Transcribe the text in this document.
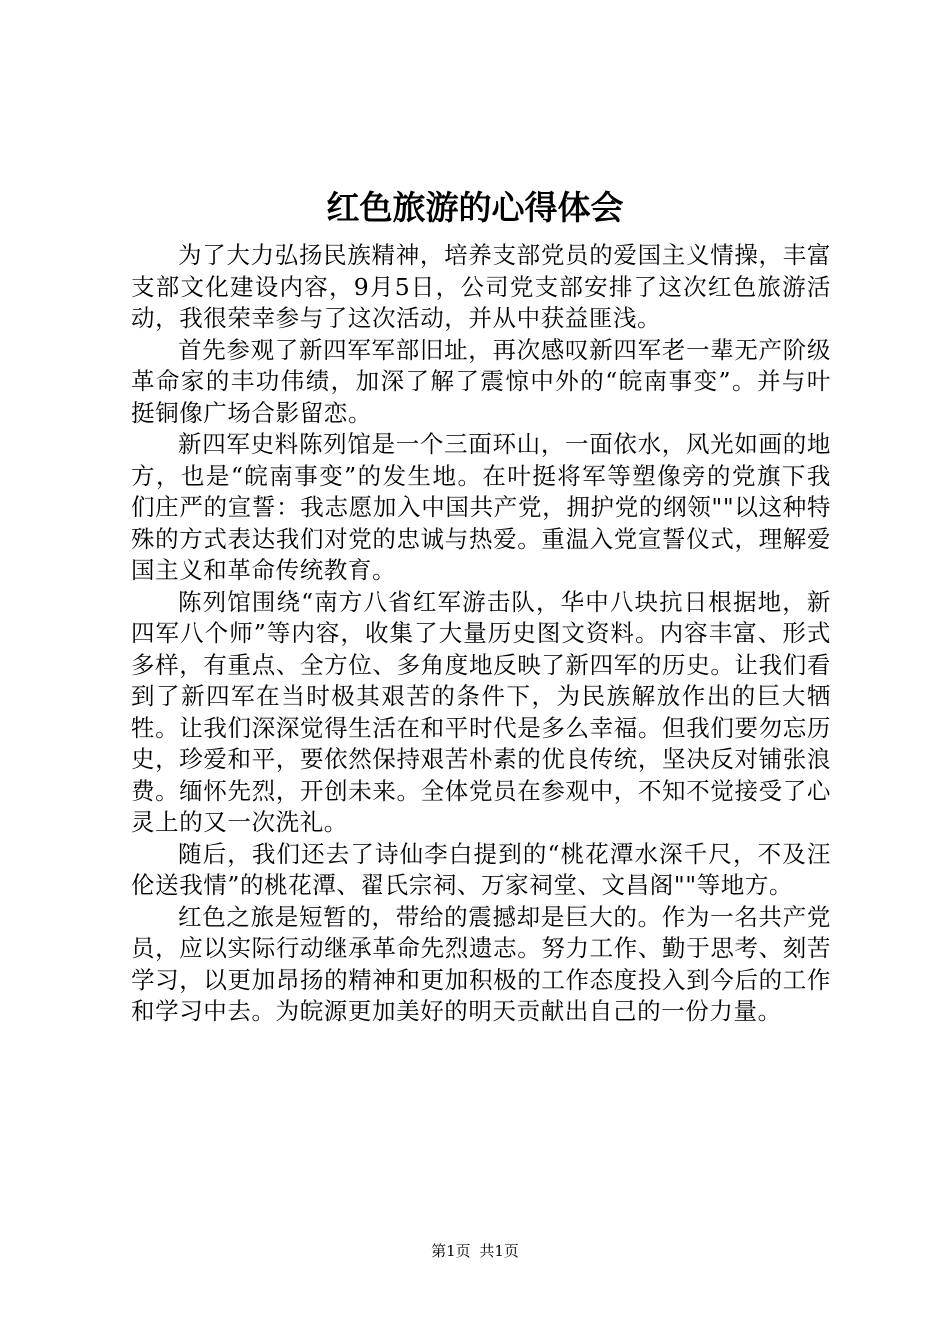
红色旅游的心得体会

为了大力弘扬民族精神，培养支部党员的爱国主义情操，丰富支部文化建设内容，9月5日，公司党支部安排了这次红色旅游活动，我很荣幸参与了这次活动，并从中获益匪浅。

首先参观了新四军军部旧址，再次感叹新四军老一辈无产阶级革命家的丰功伟绩，加深了解了震惊中外的“皖南事变”。并与叶挺铜像广场合影留恋。

新四军史料陈列馆是一个三面环山，一面依水，风光如画的地方，也是“皖南事变”的发生地。在叶挺将军等塑像旁的党旗下我们庄严的宣誓：我志愿加入中国共产党，拥护党的纲领""以这种特殊的方式表达我们对党的忠诚与热爱。重温入党宣誓仪式，理解爱国主义和革命传统教育。

陈列馆围绕“南方八省红军游击队，华中八块抗日根据地，新四军八个师”等内容，收集了大量历史图文资料。内容丰富、形式多样，有重点、全方位、多角度地反映了新四军的历史。让我们看到了新四军在当时极其艰苦的条件下，为民族解放作出的巨大牺牲。让我们深深觉得生活在和平时代是多么幸福。但我们要勿忘历史，珍爱和平，要依然保持艰苦朴素的优良传统，坚决反对铺张浪费。缅怀先烈，开创未来。全体党员在参观中，不知不觉接受了心灵上的又一次洗礼。

随后，我们还去了诗仙李白提到的“桃花潭水深千尺，不及汪伦送我情”的桃花潭、翟氏宗祠、万家祠堂、文昌阁""等地方。

红色之旅是短暂的，带给的震撼却是巨大的。作为一名共产党员，应以实际行动继承革命先烈遗志。努力工作、勤于思考、刻苦学习，以更加昂扬的精神和更加积极的工作态度投入到今后的工作和学习中去。为皖源更加美好的明天贡献出自己的一份力量。

第1页 共1页
